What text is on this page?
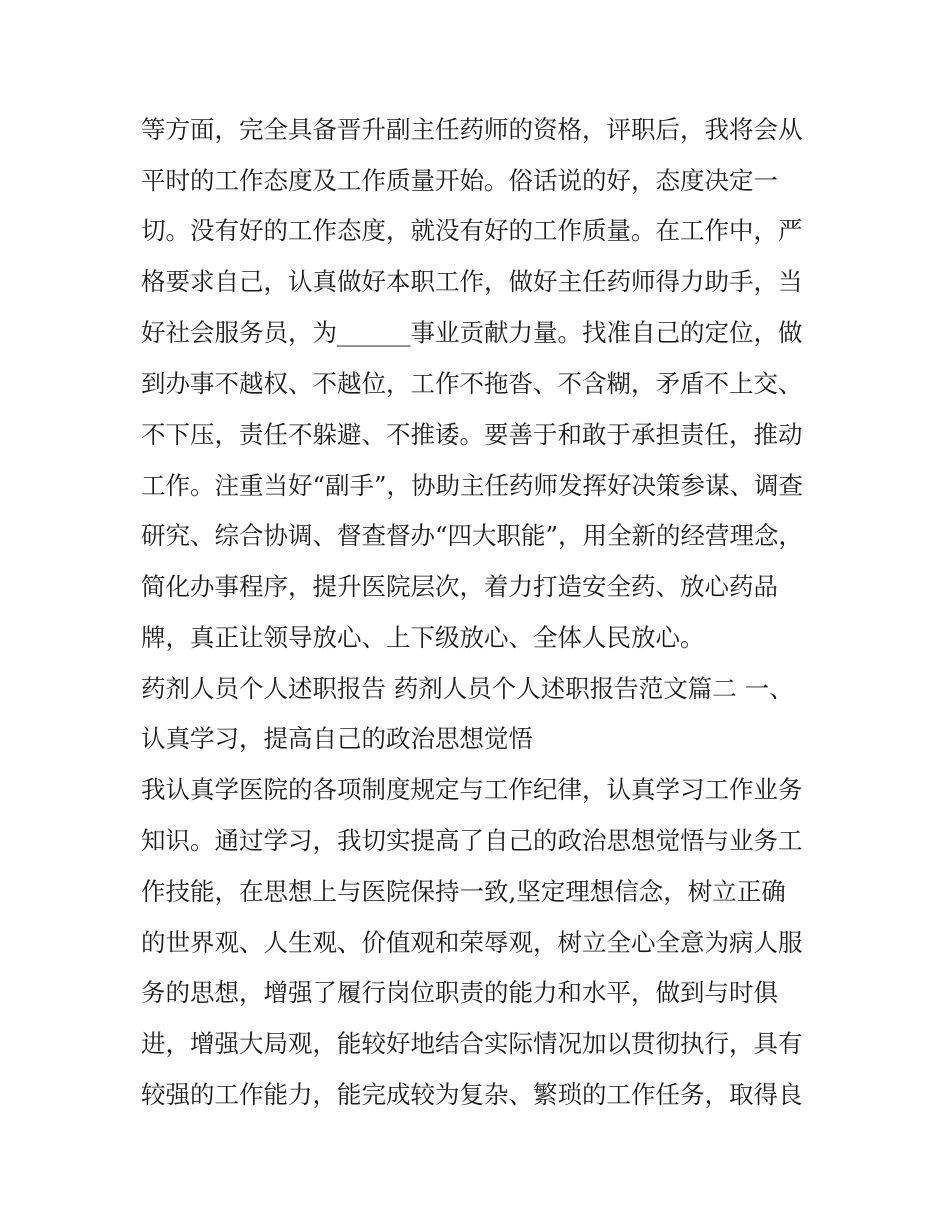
等方面，完全具备晋升副主任药师的资格，评职后，我将会从
平时的工作态度及工作质量开始。俗话说的好，态度决定一
切。没有好的工作态度，就没有好的工作质量。在工作中，严
格要求自己，认真做好本职工作，做好主任药师得力助手，当
好社会服务员，为______事业贡献力量。找准自己的定位，做
到办事不越权、不越位，工作不拖沓、不含糊，矛盾不上交、
不下压，责任不躲避、不推诿。要善于和敢于承担责任，推动
工作。注重当好“副手”，协助主任药师发挥好决策参谋、调查
研究、综合协调、督查督办“四大职能”，用全新的经营理念，
简化办事程序，提升医院层次，着力打造安全药、放心药品
牌，真正让领导放心、上下级放心、全体人民放心。
药剂人员个人述职报告 药剂人员个人述职报告范文篇二 一、
认真学习，提高自己的政治思想觉悟
我认真学医院的各项制度规定与工作纪律，认真学习工作业务
知识。通过学习，我切实提高了自己的政治思想觉悟与业务工
作技能，在思想上与医院保持一致,坚定理想信念，树立正确
的世界观、人生观、价值观和荣辱观，树立全心全意为病人服
务的思想，增强了履行岗位职责的能力和水平，做到与时俱
进，增强大局观，能较好地结合实际情况加以贯彻执行，具有
较强的工作能力，能完成较为复杂、繁琐的工作任务，取得良
